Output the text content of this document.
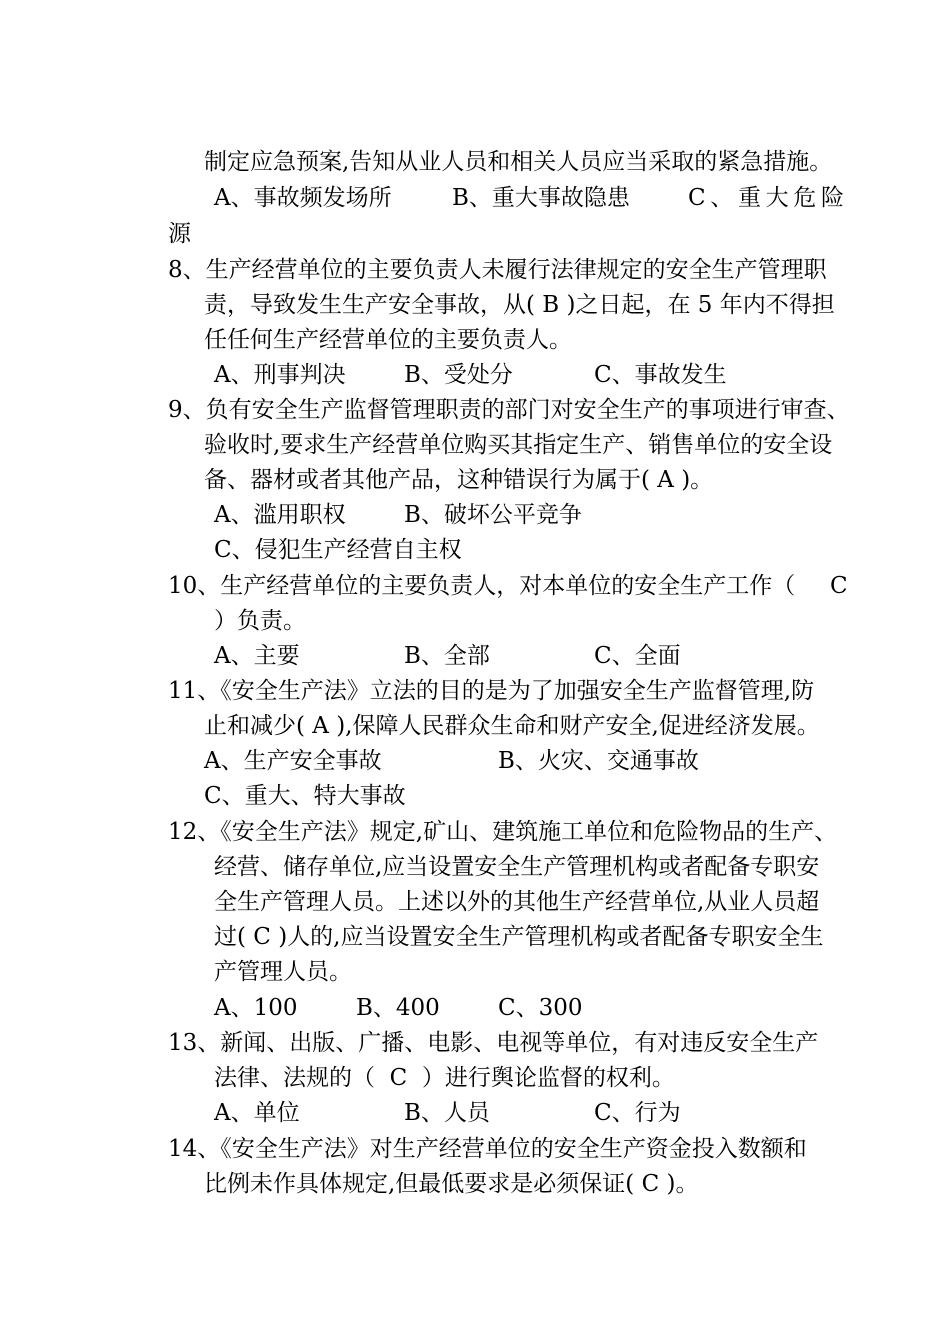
制定应急预案,告知从业人员和相关人员应当采取的紧急措施。
A、事故频发场所	B、重大事故隐患	C 、 重 大 危 险
源
8、生产经营单位的主要负责人未履行法律规定的安全生产管理职
责，导致发生生产安全事故，从( B )之日起，在 5 年内不得担
任任何生产经营单位的主要负责人。
A、刑事判决	B、受处分	C、事故发生
9、负有安全生产监督管理职责的部门对安全生产的事项进行审查、
验收时,要求生产经营单位购买其指定生产、销售单位的安全设
备、器材或者其他产品，这种错误行为属于( A )。
A、滥用职权	B、破坏公平竞争
C、侵犯生产经营自主权
10、生产经营单位的主要负责人，对本单位的安全生产工作（ C
）负责。
A、主要	B、全部	C、全面
11、《安全生产法》立法的目的是为了加强安全生产监督管理,防
止和减少( A ),保障人民群众生命和财产安全,促进经济发展。
A、生产安全事故	B、火灾、交通事故
C、重大、特大事故
12、《安全生产法》规定,矿山、建筑施工单位和危险物品的生产、
经营、储存单位,应当设置安全生产管理机构或者配备专职安
全生产管理人员。上述以外的其他生产经营单位,从业人员超
过( C )人的,应当设置安全生产管理机构或者配备专职安全生
产管理人员。
A、100	B、400	C、300
13、新闻、出版、广播、电影、电视等单位，有对违反安全生产
法律、法规的（  C  ）进行舆论监督的权利。
A、单位	B、人员	C、行为
14、《安全生产法》对生产经营单位的安全生产资金投入数额和
比例未作具体规定,但最低要求是必须保证( C )。
